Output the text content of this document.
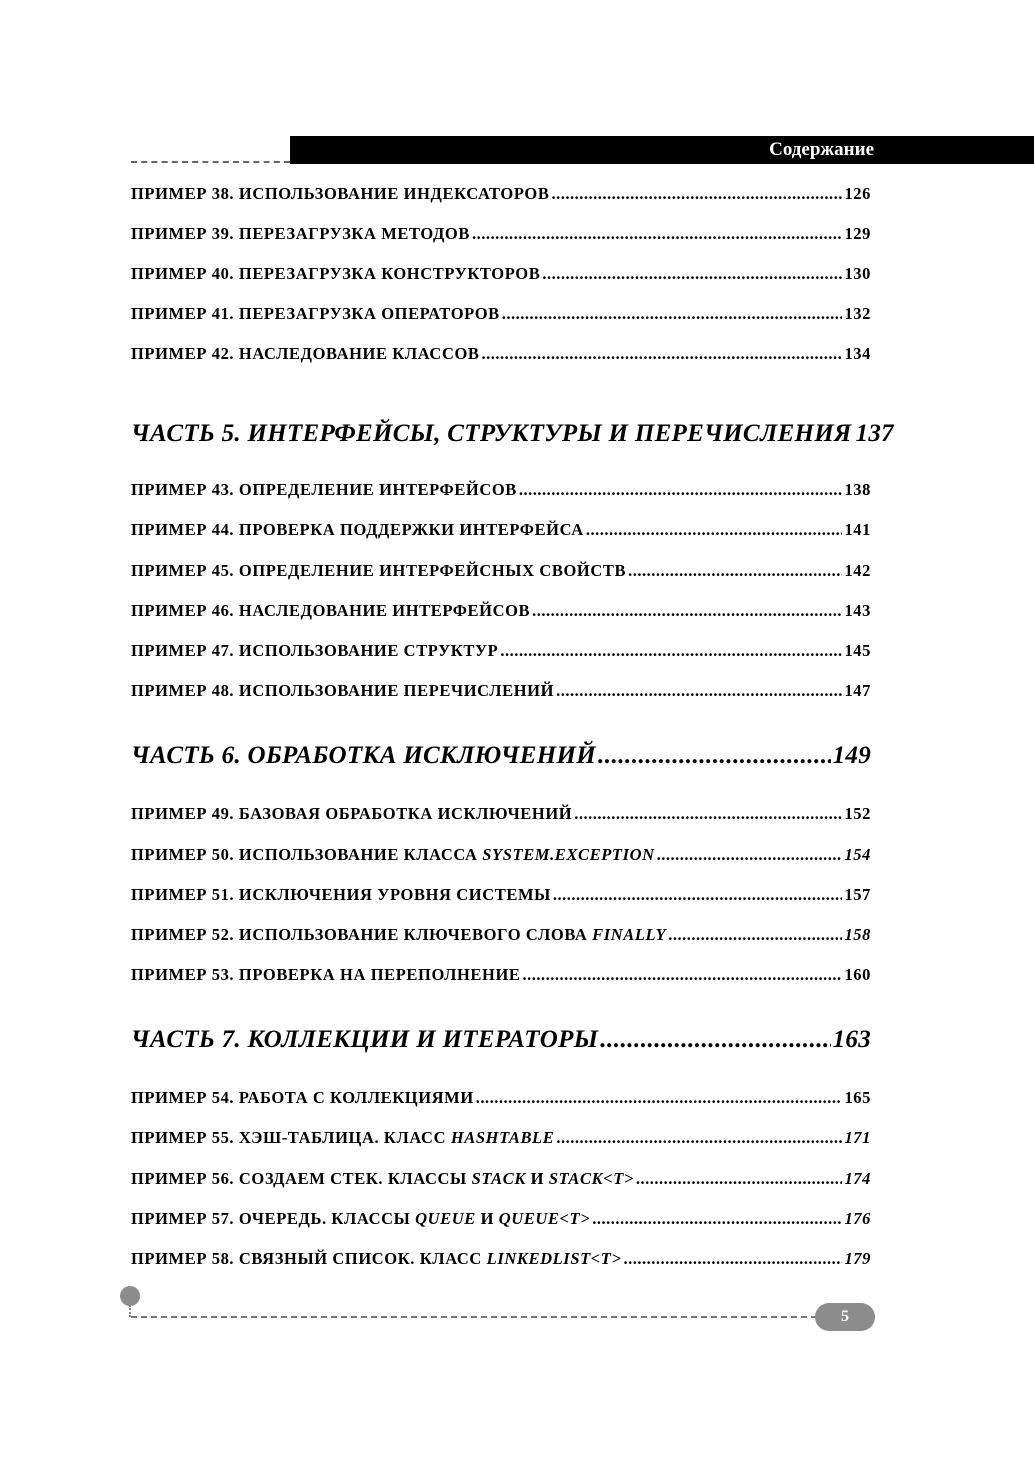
Содержание
ПРИМЕР 38. ИСПОЛЬЗОВАНИЕ ИНДЕКСАТОРОВ .....	126
ПРИМЕР 39. ПЕРЕЗАГРУЗКА МЕТОДОВ .....	129
ПРИМЕР 40. ПЕРЕЗАГРУЗКА КОНСТРУКТОРОВ .....	130
ПРИМЕР 41. ПЕРЕЗАГРУЗКА ОПЕРАТОРОВ .....	132
ПРИМЕР 42. НАСЛЕДОВАНИЕ КЛАССОВ .....	134
ЧАСТЬ 5. ИНТЕРФЕЙСЫ, СТРУКТУРЫ И ПЕРЕЧИСЛЕНИЯ 137
ПРИМЕР 43. ОПРЕДЕЛЕНИЕ ИНТЕРФЕЙСОВ .....	138
ПРИМЕР 44. ПРОВЕРКА ПОДДЕРЖКИ ИНТЕРФЕЙСА .....	141
ПРИМЕР 45. ОПРЕДЕЛЕНИЕ ИНТЕРФЕЙСНЫХ СВОЙСТВ .....	142
ПРИМЕР 46. НАСЛЕДОВАНИЕ ИНТЕРФЕЙСОВ .....	143
ПРИМЕР 47. ИСПОЛЬЗОВАНИЕ СТРУКТУР .....	145
ПРИМЕР 48. ИСПОЛЬЗОВАНИЕ ПЕРЕЧИСЛЕНИЙ .....	147
ЧАСТЬ 6. ОБРАБОТКА ИСКЛЮЧЕНИЙ .....	149
ПРИМЕР 49. БАЗОВАЯ ОБРАБОТКА ИСКЛЮЧЕНИЙ .....	152
ПРИМЕР 50. ИСПОЛЬЗОВАНИЕ КЛАССА SYSTEM.EXCEPTION .....	154
ПРИМЕР 51. ИСКЛЮЧЕНИЯ УРОВНЯ СИСТЕМЫ .....	157
ПРИМЕР 52. ИСПОЛЬЗОВАНИЕ КЛЮЧЕВОГО СЛОВА FINALLY .....	158
ПРИМЕР 53. ПРОВЕРКА НА ПЕРЕПОЛНЕНИЕ .....	160
ЧАСТЬ 7. КОЛЛЕКЦИИ И ИТЕРАТОРЫ .....	163
ПРИМЕР 54. РАБОТА С КОЛЛЕКЦИЯМИ .....	165
ПРИМЕР 55. ХЭШ-ТАБЛИЦА. КЛАСС HASHTABLE .....	171
ПРИМЕР 56. СОЗДАЕМ СТЕК. КЛАССЫ STACK И STACK<T> .....	174
ПРИМЕР 57. ОЧЕРЕДЬ. КЛАССЫ QUEUE И QUEUE<T> .....	176
ПРИМЕР 58. СВЯЗНЫЙ СПИСОК. КЛАСС LINKEDLIST<T> .....	179
5
